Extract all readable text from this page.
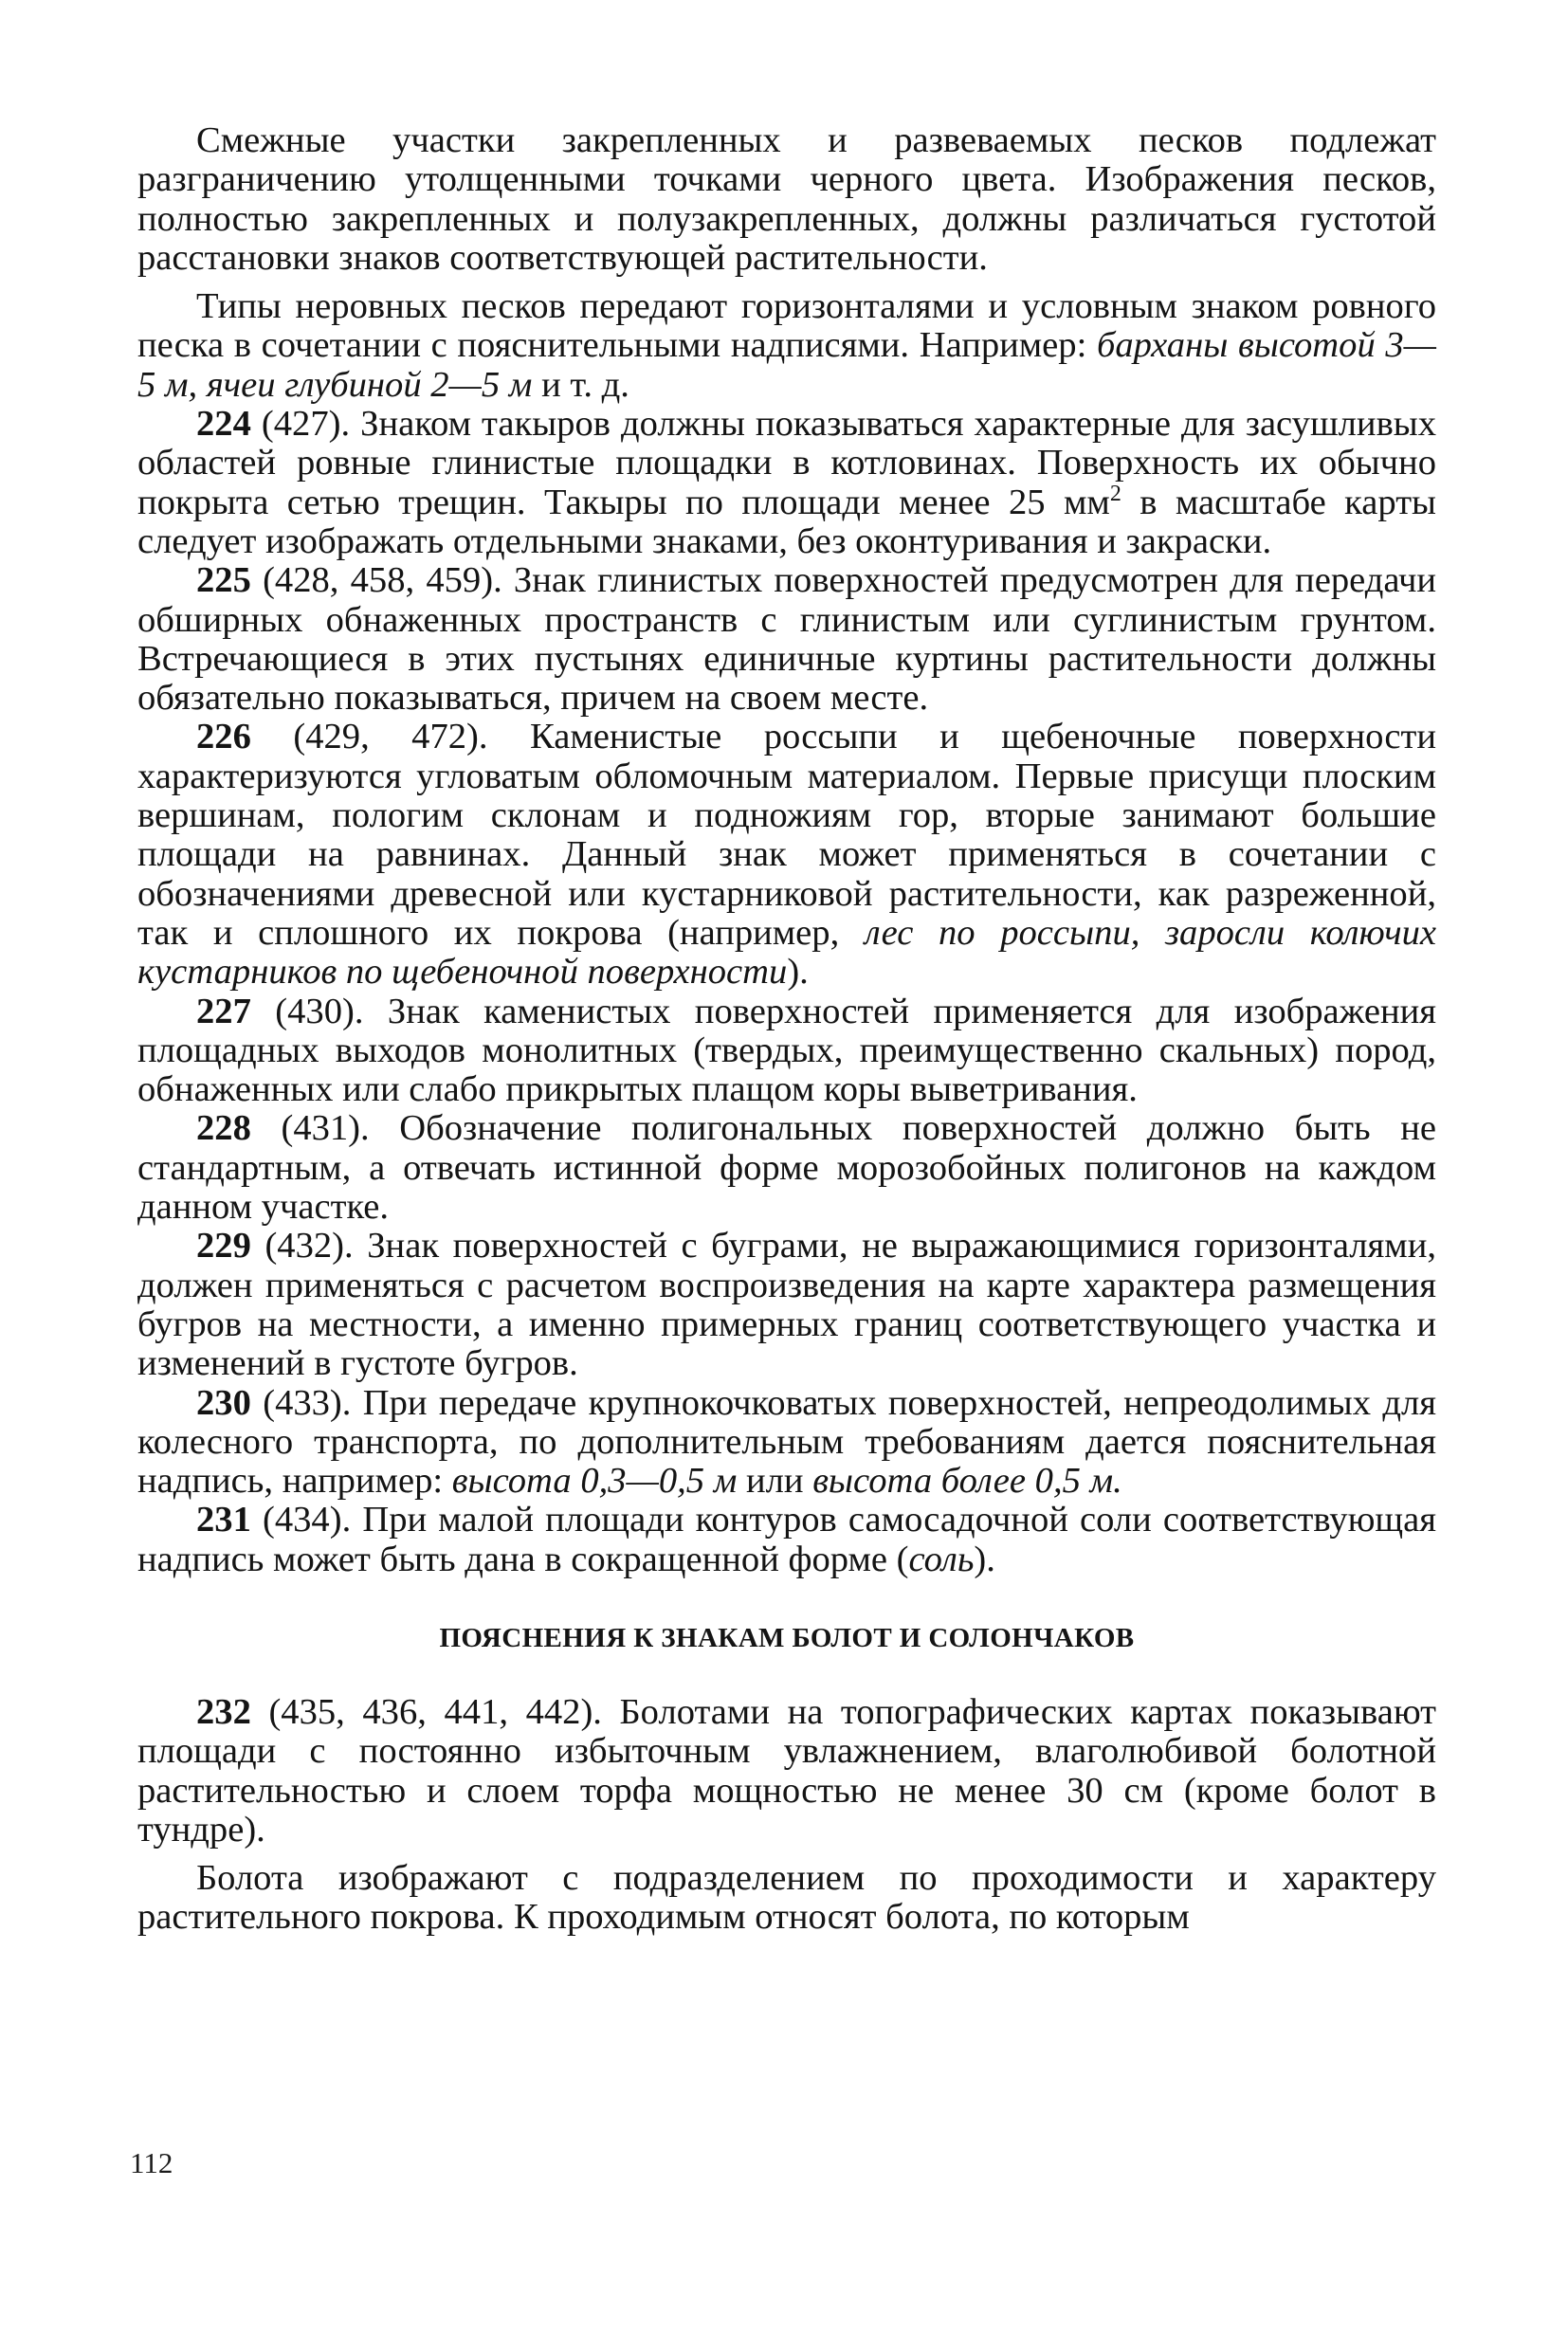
Смежные участки закрепленных и развеваемых песков подлежат разграничению утолщенными точками черного цвета. Изображения песков, полностью закрепленных и полузакрепленных, должны различаться густотой расстановки знаков соответствующей растительности.

Типы неровных песков передают горизонталями и условным знаком ровного песка в сочетании с пояснительными надписями. Например: барханы высотой 3—5 м, ячеи глубиной 2—5 м и т. д.

224 (427). Знаком такыров должны показываться характерные для засушливых областей ровные глинистые площадки в котловинах. Поверхность их обычно покрыта сетью трещин. Такыры по площади менее 25 $мм^2$ в масштабе карты следует изображать отдельными знаками, без оконтуривания и закраски.

225 (428, 458, 459). Знак глинистых поверхностей предусмотрен для передачи обширных обнаженных пространств с глинистым или суглинистым грунтом. Встречающиеся в этих пустынях единичные куртины растительности должны обязательно показываться, причем на своем месте.

226 (429, 472). Каменистые россыпи и щебеночные поверхности характеризуются угловатым обломочным материалом. Первые присущи плоским вершинам, пологим склонам и подножиям гор, вторые занимают большие площади на равнинах. Данный знак может применяться в сочетании с обозначениями древесной или кустарниковой растительности, как разреженной, так и сплошного их покрова (например, лес по россыпи, заросли колючих кустарников по щебеночной поверхности).

227 (430). Знак каменистых поверхностей применяется для изображения площадных выходов монолитных (твердых, преимущественно скальных) пород, обнаженных или слабо прикрытых плащом коры выветривания.

228 (431). Обозначение полигональных поверхностей должно быть не стандартным, а отвечать истинной форме морозобойных полигонов на каждом данном участке.

229 (432). Знак поверхностей с буграми, не выражающимися горизонталями, должен применяться с расчетом воспроизведения на карте характера размещения бугров на местности, а именно примерных границ соответствующего участка и изменений в густоте бугров.

230 (433). При передаче крупнокочковатых поверхностей, непреодолимых для колесного транспорта, по дополнительным требованиям дается пояснительная надпись, например: высота 0,3—0,5 м или высота более 0,5 м.

231 (434). При малой площади контуров самосадочной соли соответствующая надпись может быть дана в сокращенной форме (соль).

ПОЯСНЕНИЯ К ЗНАКАМ БОЛОТ И СОЛОНЧАКОВ

232 (435, 436, 441, 442). Болотами на топографических картах показывают площади с постоянно избыточным увлажнением, влаголюбивой болотной растительностью и слоем торфа мощностью не менее 30 см (кроме болот в тундре).

Болота изображают с подразделением по проходимости и характеру растительного покрова. К проходимым относят болота, по которым

112
